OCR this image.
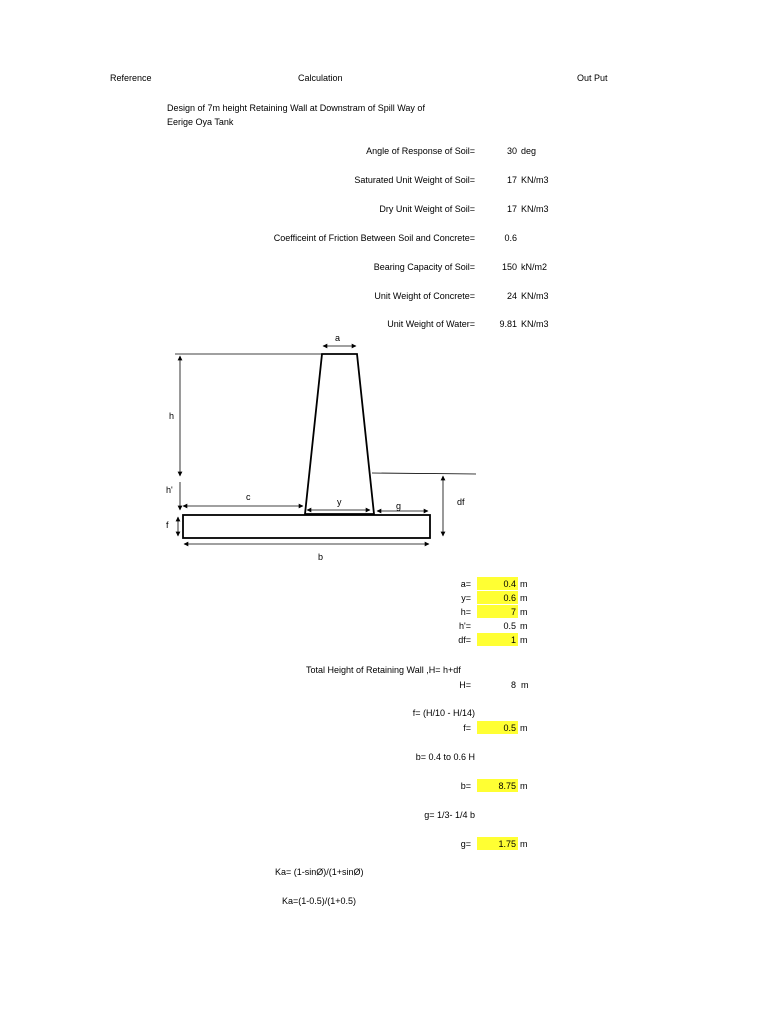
Reference	Calculation	Out Put
Design of 7m height Retaining Wall at Downstram of Spill Way of
Eerige Oya Tank
Angle of Response of Soil=	30 deg
Saturated Unit Weight of Soil=	17 KN/m3
Dry Unit Weight of Soil=	17 KN/m3
Coefficeint of Friction Between Soil and Concrete=	0.6
Bearing Capacity of Soil=	150 kN/m2
Unit Weight of Concrete=	24 KN/m3
Unit Weight of Water=	9.81 KN/m3
a
h
h'
c	y	g	df
f
b
a=	0.4 m
y=	0.6 m
h=	7 m
h'=	0.5 m
df=	1 m
Total Height of Retaining Wall ,H= h+df
H=	8 m
f= (H/10 - H/14)
f=	0.5 m
b= 0.4 to 0.6 H
b=	8.75 m
g= 1/3- 1/4 b
g=	1.75 m
Ka= (1-sinØ)/(1+sinØ)
Ka=(1-0.5)/(1+0.5)
